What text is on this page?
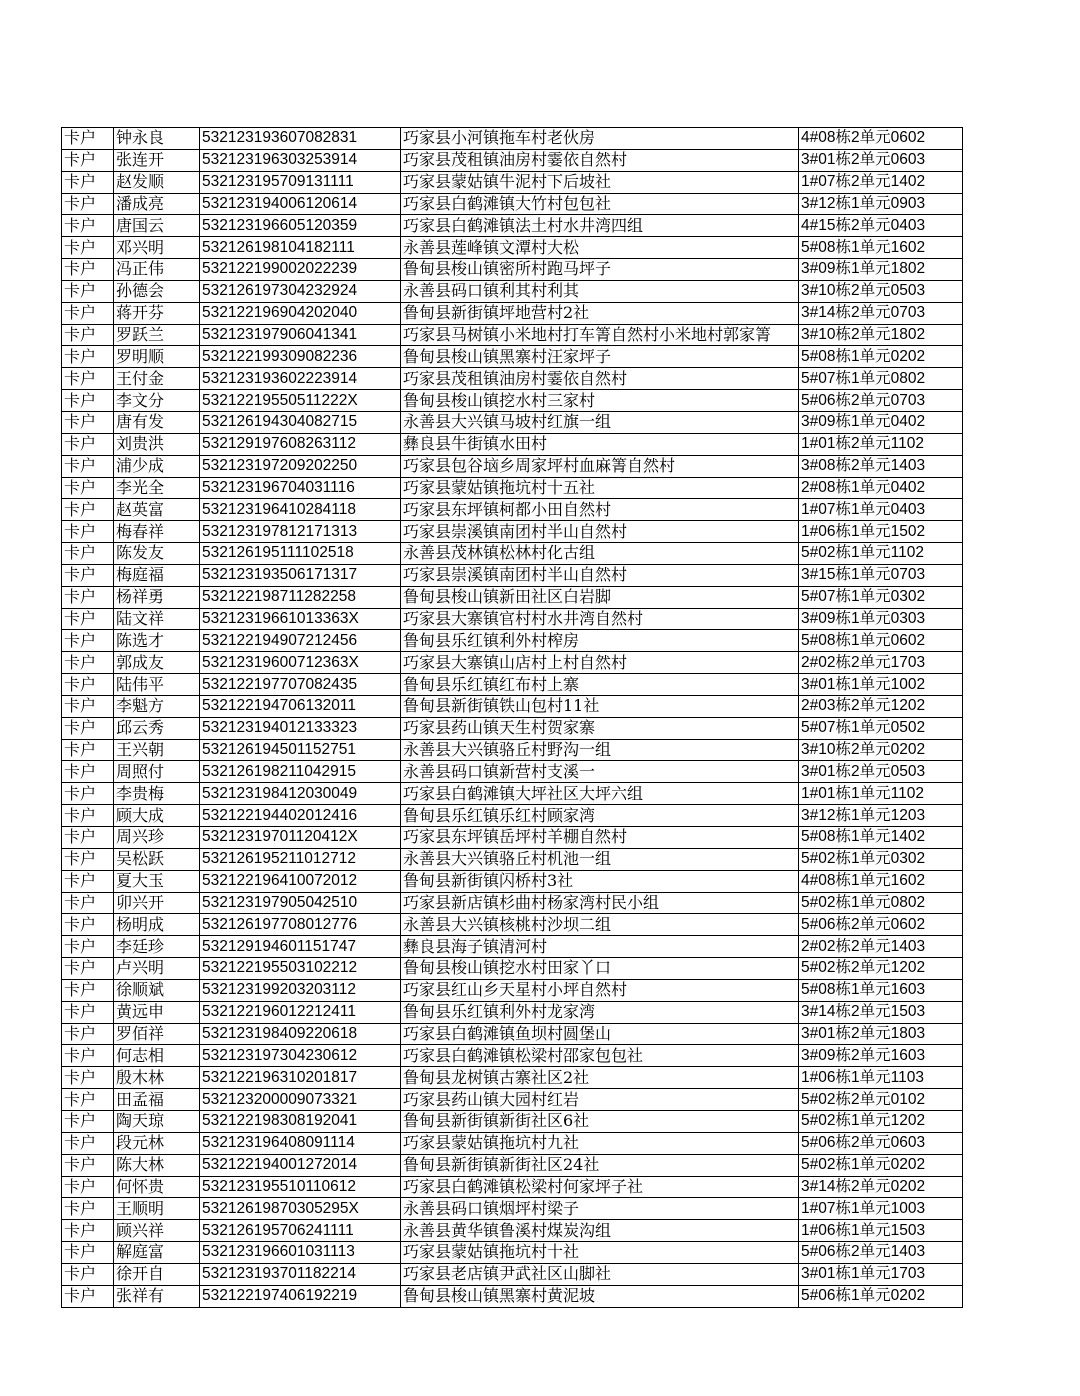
卡户	钟永良	532123193607082831	巧家县小河镇拖车村老伙房	4#08栋2单元0602
卡户	张连开	532123196303253914	巧家县茂租镇油房村霎依自然村	3#01栋2单元0603
卡户	赵发顺	532123195709131111	巧家县蒙姑镇牛泥村下后坡社	1#07栋2单元1402
卡户	潘成亮	532123194006120614	巧家县白鹤滩镇大竹村包包社	3#12栋1单元0903
卡户	唐国云	532123196605120359	巧家县白鹤滩镇法土村水井湾四组	4#15栋2单元0403
卡户	邓兴明	532126198104182111	永善县莲峰镇文潭村大松	5#08栋1单元1602
卡户	冯正伟	532122199002022239	鲁甸县梭山镇密所村跑马坪子	3#09栋1单元1802
卡户	孙德会	532126197304232924	永善县码口镇利其村利其	3#10栋2单元0503
卡户	蒋开芬	532122196904202040	鲁甸县新街镇坪地营村2社	3#14栋2单元0703
卡户	罗跃兰	532123197906041341	巧家县马树镇小米地村打车箐自然村小米地村郭家箐	3#10栋2单元1802
卡户	罗明顺	532122199309082236	鲁甸县梭山镇黑寨村汪家坪子	5#08栋1单元0202
卡户	王付金	532123193602223914	巧家县茂租镇油房村霎依自然村	5#07栋1单元0802
卡户	李文分	53212219550511222X	鲁甸县梭山镇挖水村三家村	5#06栋2单元0703
卡户	唐有发	532126194304082715	永善县大兴镇马坡村红旗一组	3#09栋1单元0402
卡户	刘贵洪	532129197608263112	彝良县牛街镇水田村	1#01栋2单元1102
卡户	浦少成	532123197209202250	巧家县包谷垴乡周家坪村血麻箐自然村	3#08栋2单元1403
卡户	李光全	532123196704031116	巧家县蒙姑镇拖坑村十五社	2#08栋1单元0402
卡户	赵英富	532123196410284118	巧家县东坪镇柯都小田自然村	1#07栋1单元0403
卡户	梅春祥	532123197812171313	巧家县崇溪镇南团村半山自然村	1#06栋1单元1502
卡户	陈发友	532126195111102518	永善县茂林镇松林村化古组	5#02栋1单元1102
卡户	梅庭福	532123193506171317	巧家县崇溪镇南团村半山自然村	3#15栋1单元0703
卡户	杨祥勇	532122198711282258	鲁甸县梭山镇新田社区白岩脚	5#07栋1单元0302
卡户	陆文祥	53212319661013363X	巧家县大寨镇官村村水井湾自然村	3#09栋1单元0303
卡户	陈选才	532122194907212456	鲁甸县乐红镇利外村榨房	5#08栋1单元0602
卡户	郭成友	53212319600712363X	巧家县大寨镇山店村上村自然村	2#02栋2单元1703
卡户	陆伟平	532122197707082435	鲁甸县乐红镇红布村上寨	3#01栋1单元1002
卡户	李魁方	532122194706132011	鲁甸县新街镇铁山包村11社	2#03栋2单元1202
卡户	邱云秀	532123194012133323	巧家县药山镇天生村贺家寨	5#07栋1单元0502
卡户	王兴朝	532126194501152751	永善县大兴镇骆丘村野沟一组	3#10栋2单元0202
卡户	周照付	532126198211042915	永善县码口镇新营村支溪一	3#01栋2单元0503
卡户	李贵梅	532123198412030049	巧家县白鹤滩镇大坪社区大坪六组	1#01栋1单元1102
卡户	顾大成	532122194402012416	鲁甸县乐红镇乐红村顾家湾	3#12栋1单元1203
卡户	周兴珍	53212319701120412X	巧家县东坪镇岳坪村羊棚自然村	5#08栋1单元1402
卡户	吴松跃	532126195211012712	永善县大兴镇骆丘村机池一组	5#02栋1单元0302
卡户	夏大玉	532122196410072012	鲁甸县新街镇闪桥村3社	4#08栋1单元1602
卡户	卯兴开	532123197905042510	巧家县新店镇杉曲村杨家湾村民小组	5#02栋1单元0802
卡户	杨明成	532126197708012776	永善县大兴镇核桃村沙坝二组	5#06栋2单元0602
卡户	李廷珍	532129194601151747	彝良县海子镇清河村	2#02栋2单元1403
卡户	卢兴明	532122195503102212	鲁甸县梭山镇挖水村田家丫口	5#02栋2单元1202
卡户	徐顺斌	532123199203203112	巧家县红山乡天星村小坪自然村	5#08栋1单元1603
卡户	黄远申	532122196012212411	鲁甸县乐红镇利外村龙家湾	3#14栋2单元1503
卡户	罗佰祥	532123198409220618	巧家县白鹤滩镇鱼坝村圆堡山	3#01栋2单元1803
卡户	何志相	532123197304230612	巧家县白鹤滩镇松梁村邵家包包社	3#09栋2单元1603
卡户	殷木林	532122196310201817	鲁甸县龙树镇古寨社区2社	1#06栋1单元1103
卡户	田孟福	532123200009073321	巧家县药山镇大园村红岩	5#02栋2单元0102
卡户	陶天琼	532122198308192041	鲁甸县新街镇新街社区6社	5#02栋1单元1202
卡户	段元林	532123196408091114	巧家县蒙姑镇拖坑村九社	5#06栋2单元0603
卡户	陈大林	532122194001272014	鲁甸县新街镇新街社区24社	5#02栋1单元0202
卡户	何怀贵	532123195510110612	巧家县白鹤滩镇松梁村何家坪子社	3#14栋2单元0202
卡户	王顺明	53212619870305295X	永善县码口镇烟坪村梁子	1#07栋1单元1003
卡户	顾兴祥	532126195706241111	永善县黄华镇鲁溪村煤炭沟组	1#06栋1单元1503
卡户	解庭富	532123196601031113	巧家县蒙姑镇拖坑村十社	5#06栋2单元1403
卡户	徐开自	532123193701182214	巧家县老店镇尹武社区山脚社	3#01栋1单元1703
卡户	张祥有	532122197406192219	鲁甸县梭山镇黑寨村黄泥坡	5#06栋1单元0202
